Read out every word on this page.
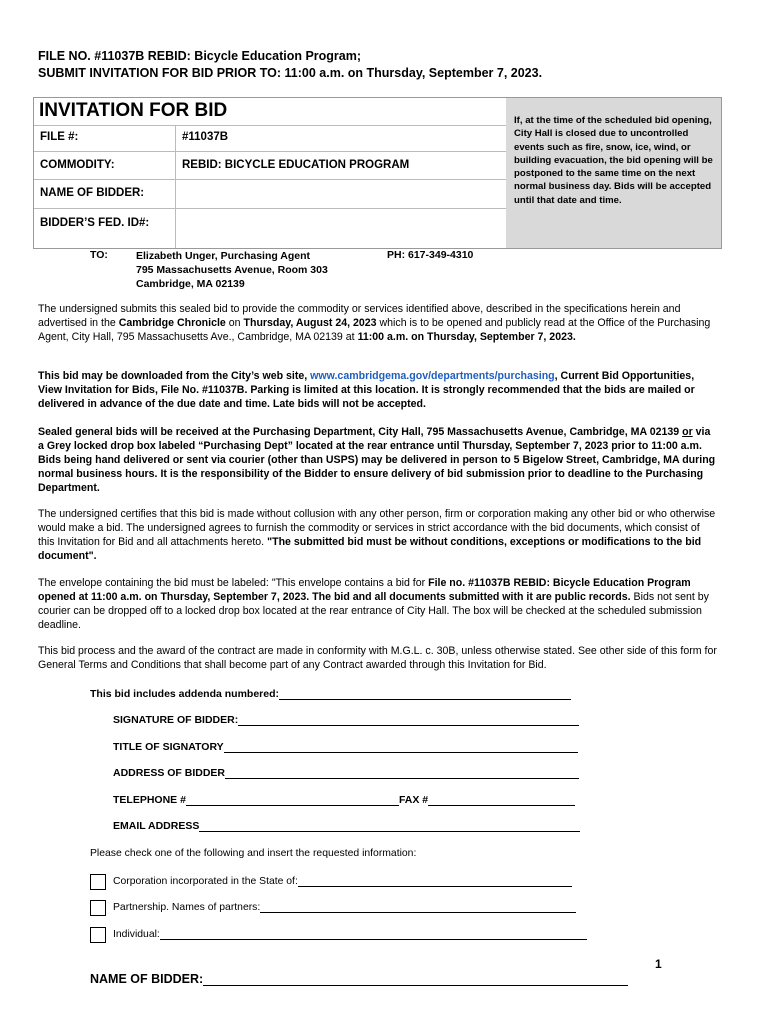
FILE NO. #11037B REBID: Bicycle Education Program;
SUBMIT INVITATION FOR BID PRIOR TO: 11:00 a.m. on Thursday, September 7, 2023.

If, at the time of the scheduled bid opening, City Hall is closed due to uncontrolled events such as fire, snow, ice, wind, or building evacuation, the bid opening will be postponed to the same time on the next normal business day. Bids will be accepted until that date and time.

INVITATION FOR BID
FILE #:	#11037B
COMMODITY:	REBID: BICYCLE EDUCATION PROGRAM
NAME OF BIDDER:
BIDDER’S FED. ID#:
TO:	Elizabeth Unger, Purchasing Agent
795 Massachusetts Avenue, Room 303
Cambridge, MA 02139
PH: 617-349-4310

The undersigned submits this sealed bid to provide the commodity or services identified above, described in the specifications herein and advertised in the Cambridge Chronicle on Thursday, August 24, 2023 which is to be opened and publicly read at the Office of the Purchasing Agent, City Hall, 795 Massachusetts Ave., Cambridge, MA 02139 at 11:00 a.m. on Thursday, September 7, 2023.

This bid may be downloaded from the City’s web site, www.cambridgema.gov/departments/purchasing, Current Bid Opportunities, View Invitation for Bids, File No. #11037B. Parking is limited at this location. It is strongly recommended that the bids are mailed or delivered in advance of the due date and time. Late bids will not be accepted.

Sealed general bids will be received at the Purchasing Department, City Hall, 795 Massachusetts Avenue, Cambridge, MA 02139 or via a Grey locked drop box labeled “Purchasing Dept” located at the rear entrance until Thursday, September 7, 2023 prior to 11:00 a.m. Bids being hand delivered or sent via courier (other than USPS) may be delivered in person to 5 Bigelow Street, Cambridge, MA during normal business hours. It is the responsibility of the Bidder to ensure delivery of bid submission prior to deadline to the Purchasing Department.

The undersigned certifies that this bid is made without collusion with any other person, firm or corporation making any other bid or who otherwise would make a bid. The undersigned agrees to furnish the commodity or services in strict accordance with the bid documents, which consist of this Invitation for Bid and all attachments hereto. "The submitted bid must be without conditions, exceptions or modifications to the bid document".

The envelope containing the bid must be labeled: "This envelope contains a bid for File no. #11037B REBID: Bicycle Education Program opened at 11:00 a.m. on Thursday, September 7, 2023. The bid and all documents submitted with it are public records. Bids not sent by courier can be dropped off to a locked drop box located at the rear entrance of City Hall. The box will be checked at the scheduled submission deadline.

This bid process and the award of the contract are made in conformity with M.G.L. c. 30B, unless otherwise stated. See other side of this form for General Terms and Conditions that shall become part of any Contract awarded through this Invitation for Bid.

This bid includes addenda numbered:
SIGNATURE OF BIDDER:
TITLE OF SIGNATORY
ADDRESS OF BIDDER
TELEPHONE #	FAX #
EMAIL ADDRESS
Please check one of the following and insert the requested information:
Corporation incorporated in the State of:
Partnership. Names of partners:
Individual:
1
NAME OF BIDDER:
